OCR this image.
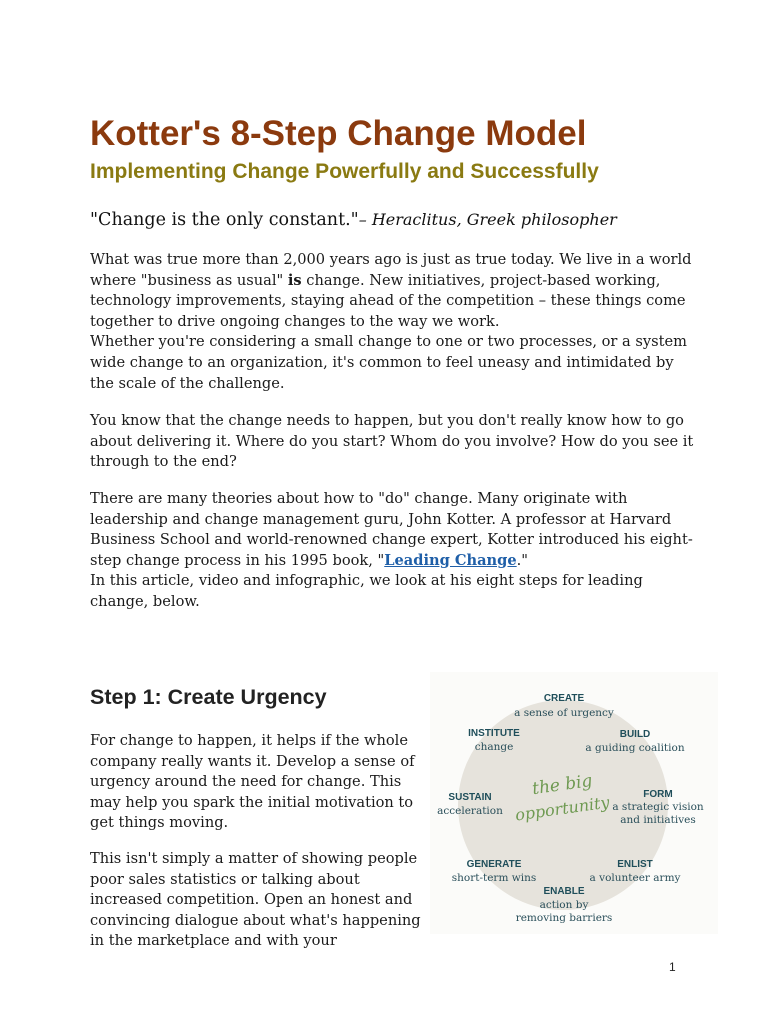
Kotter's 8-Step Change Model
Implementing Change Powerfully and Successfully

"Change is the only constant."– Heraclitus, Greek philosopher

What was true more than 2,000 years ago is just as true today. We live in a world
where "business as usual" is change. New initiatives, project-based working,
technology improvements, staying ahead of the competition – these things come
together to drive ongoing changes to the way we work.
Whether you're considering a small change to one or two processes, or a system
wide change to an organization, it's common to feel uneasy and intimidated by
the scale of the challenge.

You know that the change needs to happen, but you don't really know how to go
about delivering it. Where do you start? Whom do you involve? How do you see it
through to the end?

There are many theories about how to "do" change. Many originate with
leadership and change management guru, John Kotter. A professor at Harvard
Business School and world-renowned change expert, Kotter introduced his eight-
step change process in his 1995 book, "Leading Change."
In this article, video and infographic, we look at his eight steps for leading
change, below.

Step 1: Create Urgency

For change to happen, it helps if the whole
company really wants it. Develop a sense of
urgency around the need for change. This
may help you spark the initial motivation to
get things moving.

This isn't simply a matter of showing people
poor sales statistics or talking about
increased competition. Open an honest and
convincing dialogue about what's happening
in the marketplace and with your

the big
opportunity
CREATE
a sense of urgency
BUILD
a guiding coalition
FORM
a strategic vision
and initiatives
ENLIST
a volunteer army
ENABLE
action by
removing barriers
GENERATE
short-term wins
SUSTAIN
acceleration
INSTITUTE
change

1
